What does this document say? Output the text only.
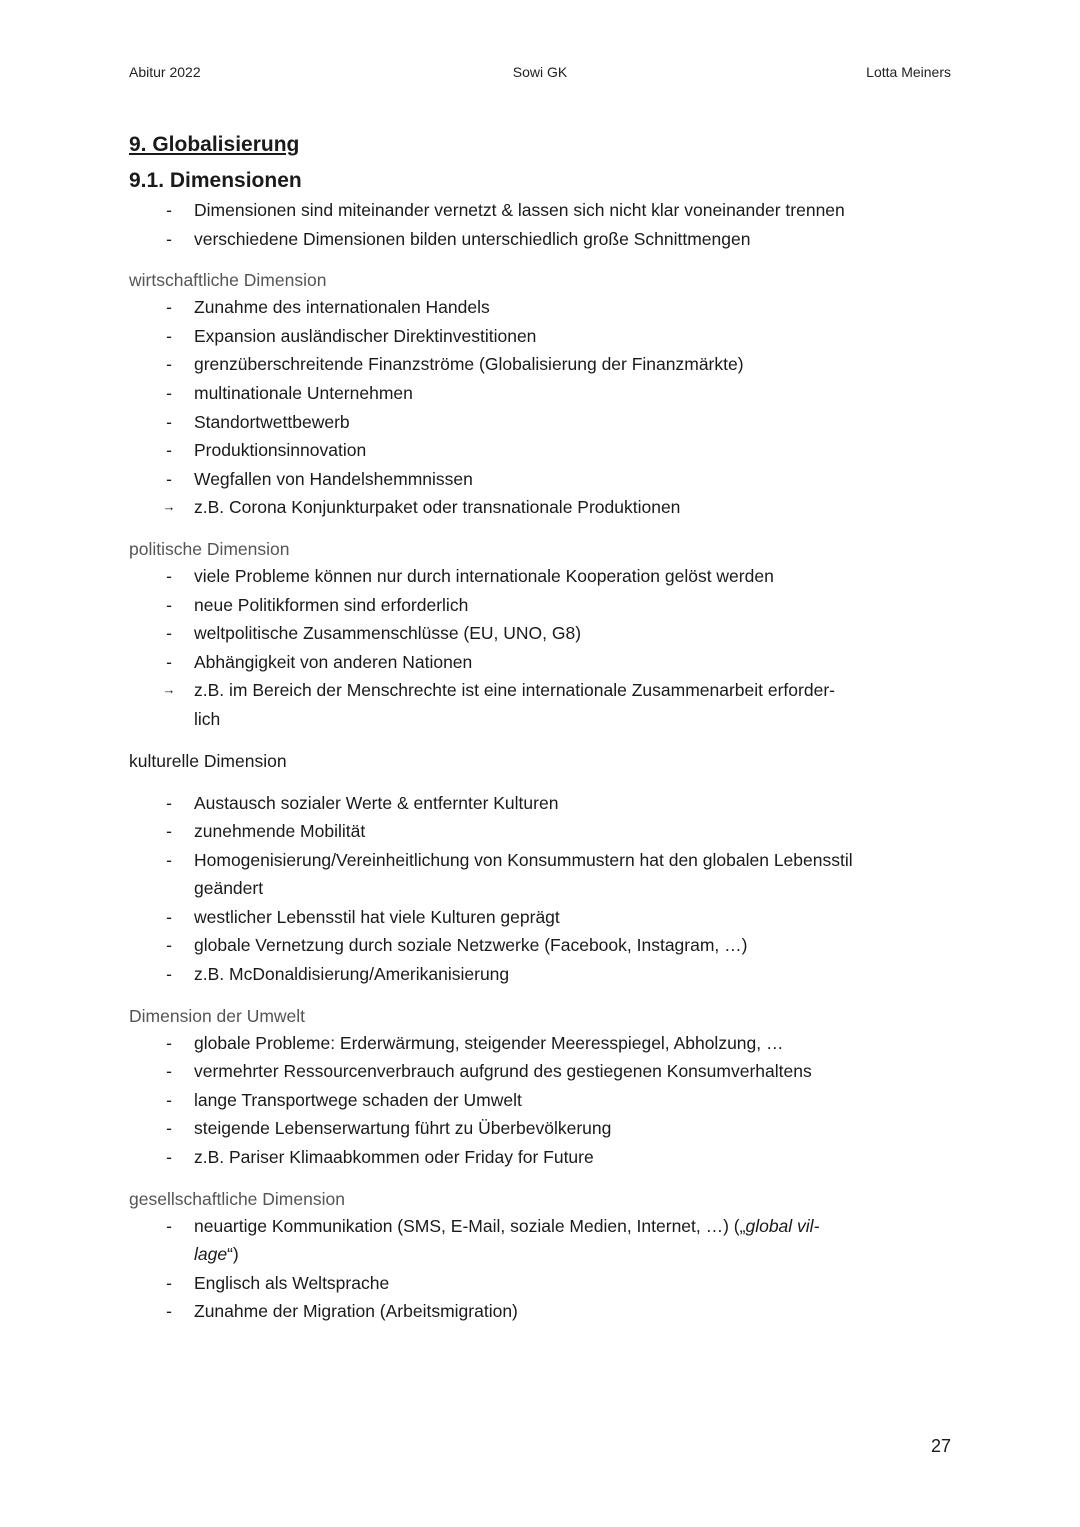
Abitur 2022	Sowi GK	Lotta Meiners
9. Globalisierung
9.1. Dimensionen
- Dimensionen sind miteinander vernetzt & lassen sich nicht klar voneinander trennen
- verschiedene Dimensionen bilden unterschiedlich große Schnittmengen
wirtschaftliche Dimension
- Zunahme des internationalen Handels
- Expansion ausländischer Direktinvestitionen
- grenzüberschreitende Finanzströme (Globalisierung der Finanzmärkte)
- multinationale Unternehmen
- Standortwettbewerb
- Produktionsinnovation
- Wegfallen von Handelshemmnissen
→ z.B. Corona Konjunkturpaket oder transnationale Produktionen
politische Dimension
- viele Probleme können nur durch internationale Kooperation gelöst werden
- neue Politikformen sind erforderlich
- weltpolitische Zusammenschlüsse (EU, UNO, G8)
- Abhängigkeit von anderen Nationen
→ z.B. im Bereich der Menschrechte ist eine internationale Zusammenarbeit erforder-
lich
kulturelle Dimension
- Austausch sozialer Werte & entfernter Kulturen
- zunehmende Mobilität
- Homogenisierung/Vereinheitlichung von Konsummustern hat den globalen Lebensstil
geändert
- westlicher Lebensstil hat viele Kulturen geprägt
- globale Vernetzung durch soziale Netzwerke (Facebook, Instagram, …)
- z.B. McDonaldisierung/Amerikanisierung
Dimension der Umwelt
- globale Probleme: Erderwärmung, steigender Meeresspiegel, Abholzung, …
- vermehrter Ressourcenverbrauch aufgrund des gestiegenen Konsumverhaltens
- lange Transportwege schaden der Umwelt
- steigende Lebenserwartung führt zu Überbevölkerung
- z.B. Pariser Klimaabkommen oder Friday for Future
gesellschaftliche Dimension
- neuartige Kommunikation (SMS, E-Mail, soziale Medien, Internet, …) („global vil-
lage“)
- Englisch als Weltsprache
- Zunahme der Migration (Arbeitsmigration)
27
